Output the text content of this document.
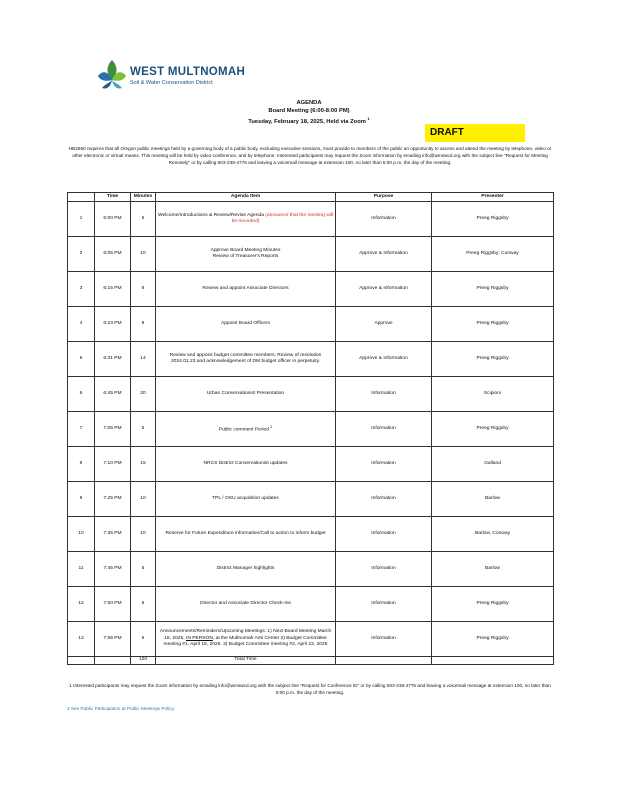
WEST MULTNOMAH
Soil & Water Conservation District
AGENDA
Board Meeting (6:00-8:00 PM)
Tuesday, February 18, 2025, Held via Zoom $^1$
DRAFT
HB2560 requires that all Oregon public meetings held by a governing body of a public body, excluding executive sessions, must provide to members of the public an opportunity to access and attend the meeting by telephone, video or other electronic or virtual means. This meeting will be held by video conference, and by telephone. Interested participants may request the Zoom information by emailing info@wmswcd.org with the subject line "Request for Meeting Remotely" or by calling 503-238-4775 and leaving a voicemail message at extension 100, no later than 5:00 p.m. the day of the meeting.
	Time	Minutes	Agenda Item	Purpose	Presenter
1	6:00 PM	5	Welcome/Introductions & Review/Revise Agenda (announce that the meeting will be recorded)	Information	Preeg Riggsby
2	6:05 PM	10	Approve Board Meeting Minutes
Review of Treasurer's Reports	Approve & Information	Preeg Riggsby; Conway
3	6:15 PM	8	Review and appoint Associate Directors	Approve & Information	Preeg Riggsby
4	6:23 PM	8	Appoint Board Officers	Approve	Preeg Riggsby
5	6:31 PM	14	Review and appoint budget committee members; Review of resolution 2024.01.23 and acknowledgement of DM budget officer in perpetuity.	Approve & Information	Preeg Riggsby
6	6:45 PM	20	Urban Conservationist Presentation	Information	Scipioni
7	7:05 PM	5	Public comment Period $^2$	Information	Preeg Riggsby
8	7:10 PM	15	NRCS District Conservationist updates	Information	Galland
9	7:25 PM	10	TPL / OSU acquisition updates	Information	Barlow
10	7:35 PM	10	Reserve for Future Expenditure information/Call to action to inform budget	Information	Barlow, Conway
11	7:45 PM	5	District Manager highlights	Information	Barlow
12	7:50 PM	5	Director and Associate Director Check-Ins	Information	Preeg Riggsby
13	7:55 PM	5	Announcements/Reminders/Upcoming Meetings: 1) Next Board Meeting March 18, 2025, IN PERSON, at the Multnomah Arts Center 2) Budget Committee meeting #1, April 15, 2025. 3) Budget Committee meeting #2, April 22, 2025	Information	Preeg Riggsby
		120	Total Time		
1 Interested participants may request the Zoom information by emailing info@wmswcd.org with the subject line "Request for Conference ID" or by calling 503-238-4775 and leaving a voicemail message at extension 100, no later than 5:00 p.m. the day of the meeting.
2 See Public Participation at Public Meetings Policy.
